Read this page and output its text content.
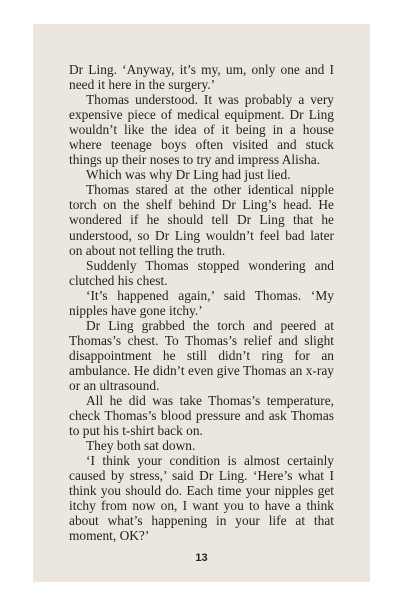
Dr Ling. ‘Anyway, it’s my, um, only one and I need it here in the surgery.’

Thomas understood. It was probably a very expensive piece of medical equipment. Dr Ling wouldn’t like the idea of it being in a house where teenage boys often visited and stuck things up their noses to try and impress Alisha.

Which was why Dr Ling had just lied.

Thomas stared at the other identical nipple torch on the shelf behind Dr Ling’s head. He wondered if he should tell Dr Ling that he understood, so Dr Ling wouldn’t feel bad later on about not telling the truth.

Suddenly Thomas stopped wondering and clutched his chest.

‘It’s happened again,’ said Thomas. ‘My nipples have gone itchy.’

Dr Ling grabbed the torch and peered at Thomas’s chest. To Thomas’s relief and slight disappointment he still didn’t ring for an ambulance. He didn’t even give Thomas an x-ray or an ultrasound.

All he did was take Thomas’s temperature, check Thomas’s blood pressure and ask Thomas to put his t-shirt back on.

They both sat down.

‘I think your condition is almost certainly caused by stress,’ said Dr Ling. ‘Here’s what I think you should do. Each time your nipples get itchy from now on, I want you to have a think about what’s happening in your life at that moment, OK?’

13
